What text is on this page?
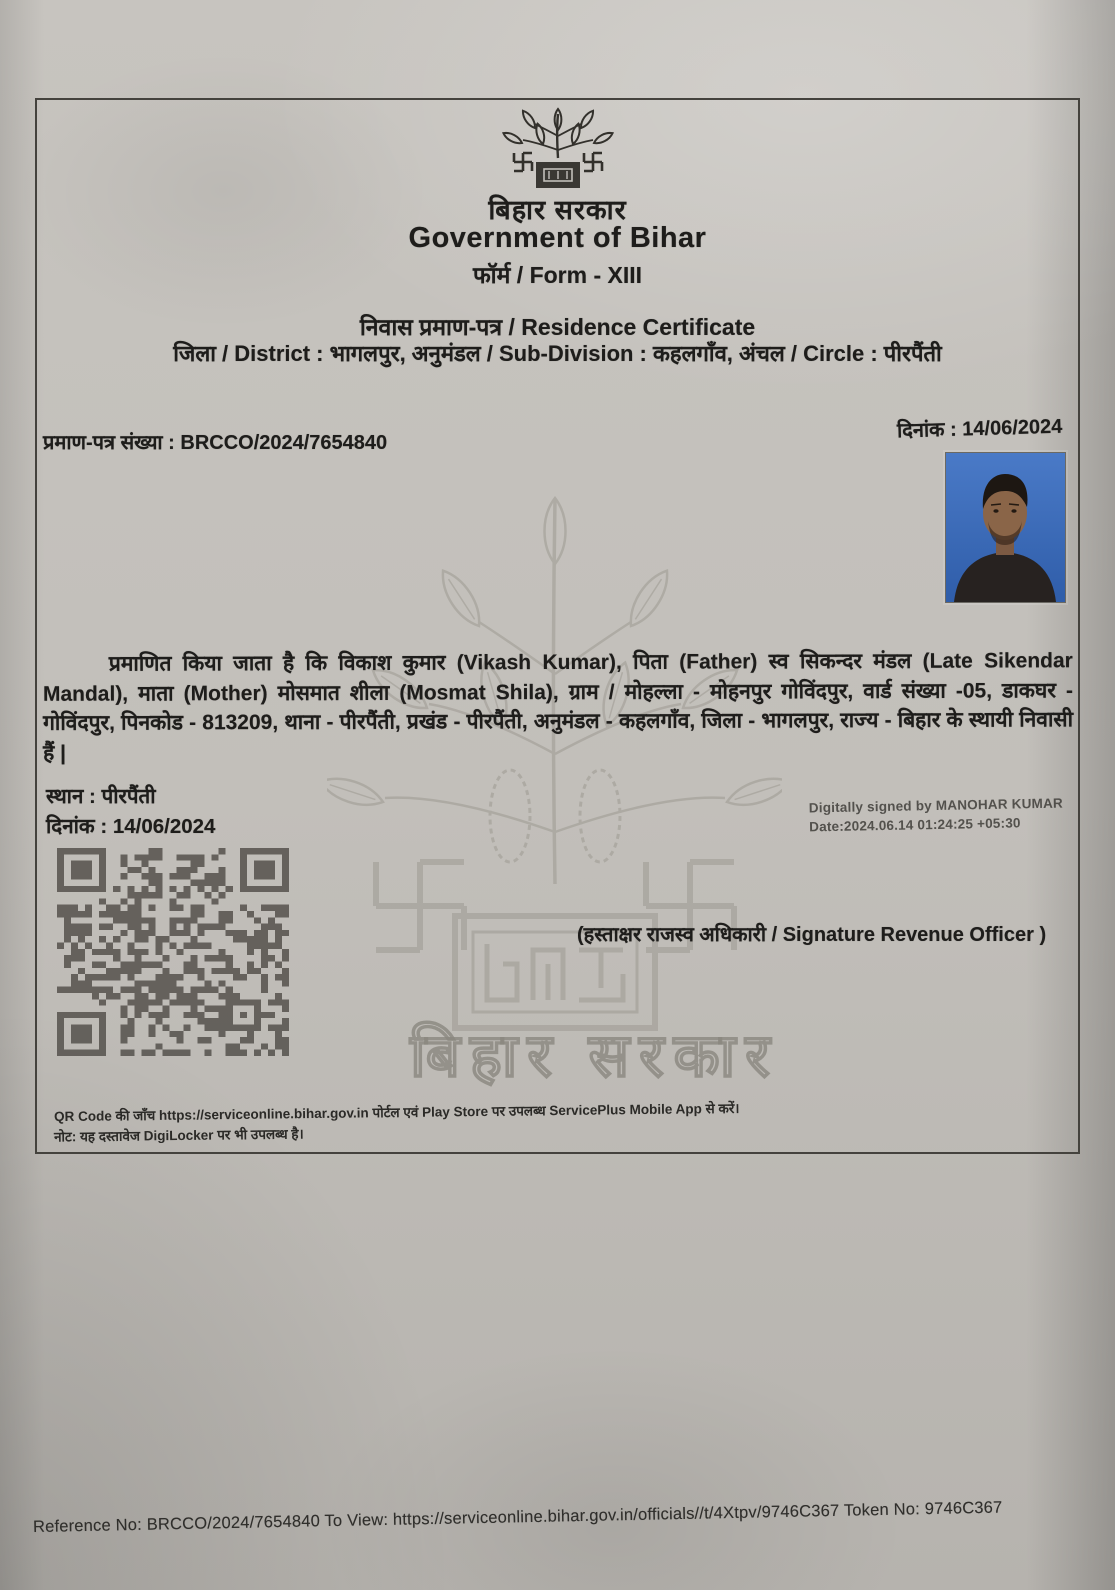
बिहार सरकार
बिहार सरकार
Government of Bihar
फॉर्म / Form - XIII
निवास प्रमाण-पत्र / Residence Certificate
जिला / District : भागलपुर, अनुमंडल / Sub-Division : कहलगाँव, अंचल / Circle : पीरपैंती
प्रमाण-पत्र संख्या : BRCCO/2024/7654840
दिनांक : 14/06/2024

प्रमाणित किया जाता है कि विकाश कुमार (Vikash Kumar), पिता (Father) स्व सिकन्दर मंडल (Late Sikendar Mandal), माता (Mother) मोसमात शीला (Mosmat Shila), ग्राम / मोहल्ला - मोहनपुर गोविंदपुर, वार्ड संख्या -05, डाकघर - गोविंदपुर, पिनकोड - 813209, थाना - पीरपैंती, प्रखंड - पीरपैंती, अनुमंडल - कहलगाँव, जिला - भागलपुर, राज्य - बिहार के स्थायी निवासी हैं |

स्थान : पीरपैंती
दिनांक : 14/06/2024
Digitally signed by MANOHAR KUMAR
Date:2024.06.14 01:24:25 +05:30
(हस्ताक्षर राजस्व अधिकारी / Signature Revenue Officer )
QR Code की जाँच https://serviceonline.bihar.gov.in पोर्टल एवं Play Store पर उपलब्ध ServicePlus Mobile App से करें।
नोट: यह दस्तावेज DigiLocker पर भी उपलब्ध है।
Reference No: BRCCO/2024/7654840 To View: https://serviceonline.bihar.gov.in/officials//t/4Xtpv/9746C367 Token No: 9746C367
